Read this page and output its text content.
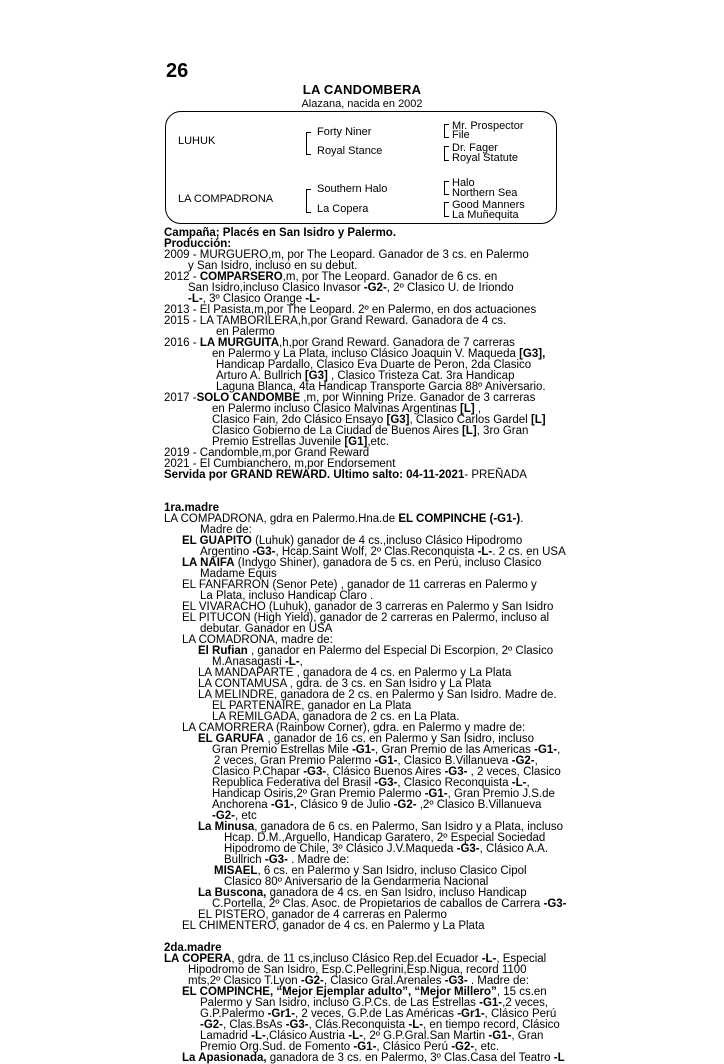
26
LA CANDOMBERA
Alazana, nacida en 2002
LUHUK
LA COMPADRONA
Forty Niner
Royal Stance
Southern Halo
La Copera
Mr. Prospector
File
Dr. Fager
Royal Statute
Halo
Northern Sea
Good Manners
La Muñequita
Campaña; Placés en San Isidro y Palermo.
Producción:
2009 - MURGUERO,m, por The Leopard. Ganador de 3 cs. en Palermo
y San Isidro, incluso en su debut.
2012 - COMPARSERO,m, por The Leopard. Ganador de 6 cs. en
San Isidro,incluso Clasico Invasor -G2-, 2º Clasico U. de Iriondo
-L-, 3º Clasico Orange -L-
2013 - El Pasista,m,por The Leopard. 2º en Palermo, en dos actuaciones
2015 - LA TAMBORILERA,h,por Grand Reward. Ganadora de 4 cs.
en Palermo
2016 - LA MURGUITA,h,por Grand Reward. Ganadora de 7 carreras
en Palermo y La Plata, incluso Clásico Joaquin V. Maqueda [G3],
Handicap Pardallo, Clasico Eva Duarte de Peron, 2da Clasico
Arturo A. Bullrich [G3] , Clasico Tristeza Cat. 3ra Handicap
Laguna Blanca, 4ta Handicap Transporte Garcia 88º Aniversario.
2017 -SOLO CANDOMBE ,m, por Winning Prize. Ganador de 3 carreras
en Palermo incluso Clasico Malvinas Argentinas [L] ,
Clasico Fain, 2do Clásico Ensayo [G3], Clasico Carlos Gardel [L]
Clasico Gobierno de La Ciudad de Buenos Aires [L], 3ro Gran
Premio Estrellas Juvenile [G1],etc.
2019 - Candomble,m,por Grand Reward
2021 - El Cumbianchero, m,por Endorsement
Servida por GRAND REWARD. Ultimo salto: 04-11-2021- PREÑADA
1ra.madre
LA COMPADRONA, gdra en Palermo.Hna.de EL COMPINCHE (-G1-).
Madre de:
EL GUAPITO (Luhuk) ganador de 4 cs.,incluso Clásico Hipodromo
Argentino -G3-, Hcap.Saint Wolf, 2º Clas.Reconquista -L-. 2 cs. en USA
LA NAIFA (Indygo Shiner), ganadora de 5 cs. en Perú, incluso Clasico
Madame Equis
EL FANFARRON (Senor Pete) , ganador de 11 carreras en Palermo y
La Plata, incluso Handicap Claro .
EL VIVARACHO (Luhuk), ganador de 3 carreras en Palermo y San Isidro
EL PITUCON (High Yield), ganador de 2 carreras en Palermo, incluso al
debutar. Ganador en USA
LA COMADRONA, madre de:
El Rufian , ganador en Palermo del Especial Di Escorpion, 2º Clasico
M.Anasagasti -L-,
LA MANDAPARTE , ganadora de 4 cs. en Palermo y La Plata
LA CONTAMUSA , gdra. de 3 cs. en San Isidro y La Plata
LA MELINDRE, ganadora de 2 cs. en Palermo y San Isidro. Madre de.
EL PARTENAIRE, ganador en La Plata
LA REMILGADA, ganadora de 2 cs. en La Plata.
LA CAMORRERA (Rainbow Corner), gdra. en Palermo y madre de:
EL GARUFA , ganador de 16 cs. en Palermo y San Isidro, incluso
Gran Premio Estrellas Mile -G1-, Gran Premio de las Americas -G1-,
2 veces, Gran Premio Palermo -G1-, Clasico B.Villanueva -G2-,
Clasico P.Chapar -G3-, Clásico Buenos Aires -G3- , 2 veces, Clasico
Republica Federativa del Brasil -G3-, Clasico Reconquista -L-,
Handicap Osiris,2º Gran Premio Palermo -G1-, Gran Premio J.S.de
Anchorena -G1-, Clásico 9 de Julio -G2- ,2º Clasico B.Villanueva
-G2-, etc
La Minusa, ganadora de 6 cs. en Palermo, San Isidro y a Plata, incluso
Hcap. D.M.,Arguello, Handicap Garatero, 2º Especial Sociedad
Hipodromo de Chile, 3º Clásico J.V.Maqueda -G3-, Clásico A.A.
Bullrich -G3- . Madre de:
MISAEL, 6 cs. en Palermo y San Isidro, incluso Clasico Cipol
Clasico 80º Aniversario de la Gendarmeria Nacional
La Buscona, ganadora de 4 cs. en San Isidro, incluso Handicap
C.Portella, 2º Clas. Asoc. de Propietarios de caballos de Carrera -G3-
EL PISTERO, ganador de 4 carreras en Palermo
EL CHIMENTERO, ganador de 4 cs. en Palermo y La Plata
2da.madre
LA COPERA, gdra. de 11 cs,incluso Clásico Rep.del Ecuador -L-, Especial
Hipodromo de San Isidro, Esp.C.Pellegrini,Esp.Nigua, record 1100
mts,2º Clasico T.Lyon -G2-, Clasico Gral.Arenales -G3- . Madre de:
EL COMPINCHE, “Mejor Ejemplar adulto”, “Mejor Millero”, 15 cs.en
Palermo y San Isidro, incluso G.P.Cs. de Las Estrellas -G1-,2 veces,
G.P.Palermo -Gr1-, 2 veces, G.P.de Las Américas -Gr1-, Clásico Perú
-G2-, Clas.BsAs -G3-, Clás.Reconquista -L-, en tiempo record, Clásico
Lamadrid -L-,Clásico Austria -L-, 2º G.P.Gral.San Martin -G1-, Gran
Premio Org.Sud. de Fomento -G1-, Clásico Perú -G2-, etc.
La Apasionada, ganadora de 3 cs. en Palermo, 3º Clas.Casa del Teatro -L
